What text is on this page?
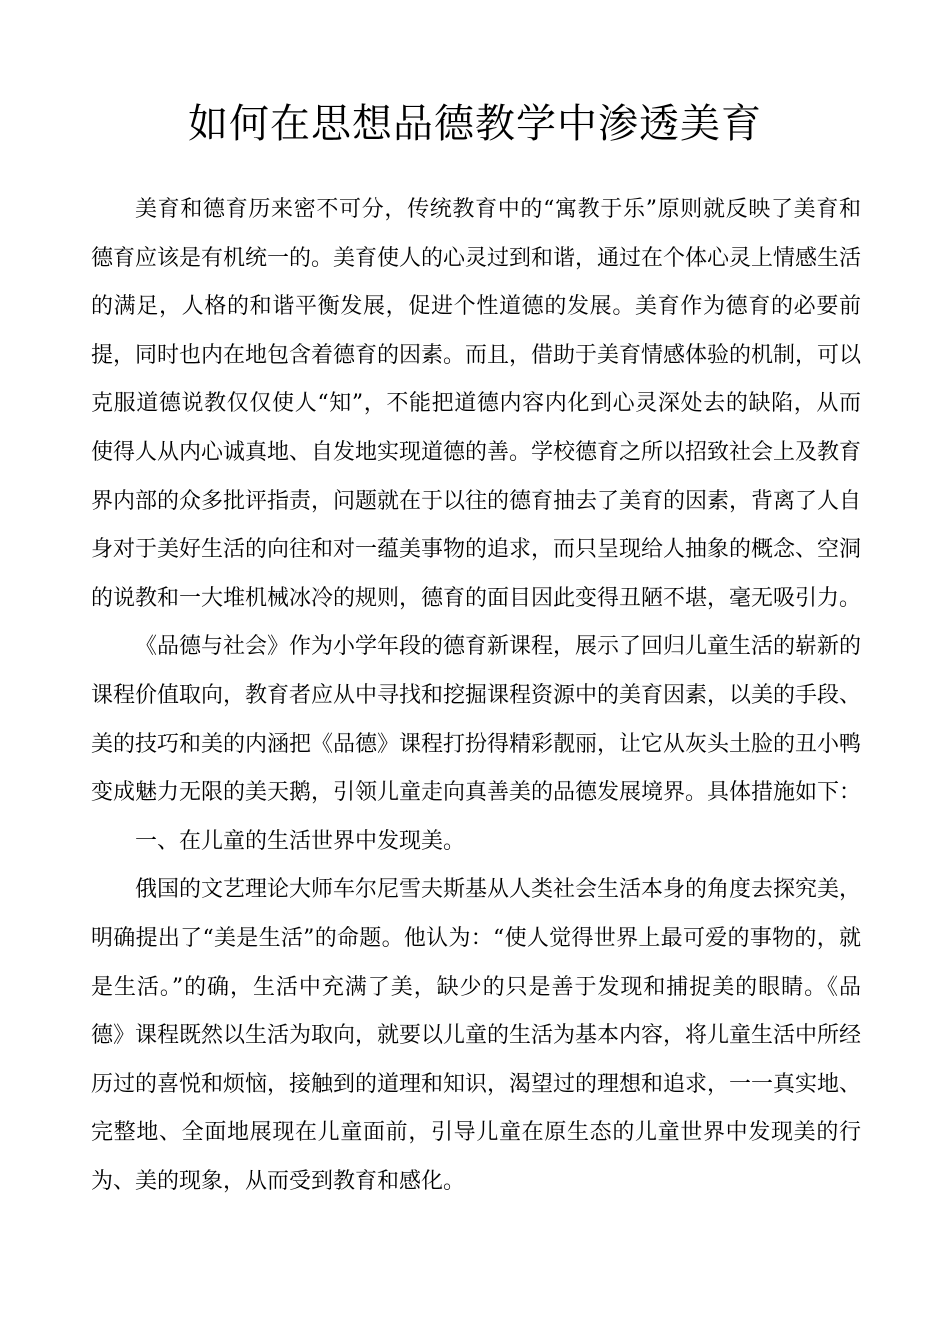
如何在思想品德教学中渗透美育

美育和德育历来密不可分，传统教育中的“寓教于乐”原则就反映了美育和德育应该是有机统一的。美育使人的心灵过到和谐，通过在个体心灵上情感生活的满足，人格的和谐平衡发展，促进个性道德的发展。美育作为德育的必要前提，同时也内在地包含着德育的因素。而且，借助于美育情感体验的机制，可以克服道德说教仅仅使人“知”，不能把道德内容内化到心灵深处去的缺陷，从而使得人从内心诚真地、自发地实现道德的善。学校德育之所以招致社会上及教育界内部的众多批评指责，问题就在于以往的德育抽去了美育的因素，背离了人自身对于美好生活的向往和对一蕴美事物的追求，而只呈现给人抽象的概念、空洞的说教和一大堆机械冰冷的规则，德育的面目因此变得丑陋不堪，毫无吸引力。

《品德与社会》作为小学年段的德育新课程，展示了回归儿童生活的崭新的课程价值取向，教育者应从中寻找和挖掘课程资源中的美育因素，以美的手段、美的技巧和美的内涵把《品德》课程打扮得精彩靓丽，让它从灰头土脸的丑小鸭变成魅力无限的美天鹅，引领儿童走向真善美的品德发展境界。具体措施如下：

一、在儿童的生活世界中发现美。

俄国的文艺理论大师车尔尼雪夫斯基从人类社会生活本身的角度去探究美，明确提出了“美是生活”的命题。他认为：“使人觉得世界上最可爱的事物的，就是生活。”的确，生活中充满了美，缺少的只是善于发现和捕捉美的眼睛。《品德》课程既然以生活为取向，就要以儿童的生活为基本内容，将儿童生活中所经历过的喜悦和烦恼，接触到的道理和知识，渴望过的理想和追求，一一真实地、完整地、全面地展现在儿童面前，引导儿童在原生态的儿童世界中发现美的行为、美的现象，从而受到教育和感化。
